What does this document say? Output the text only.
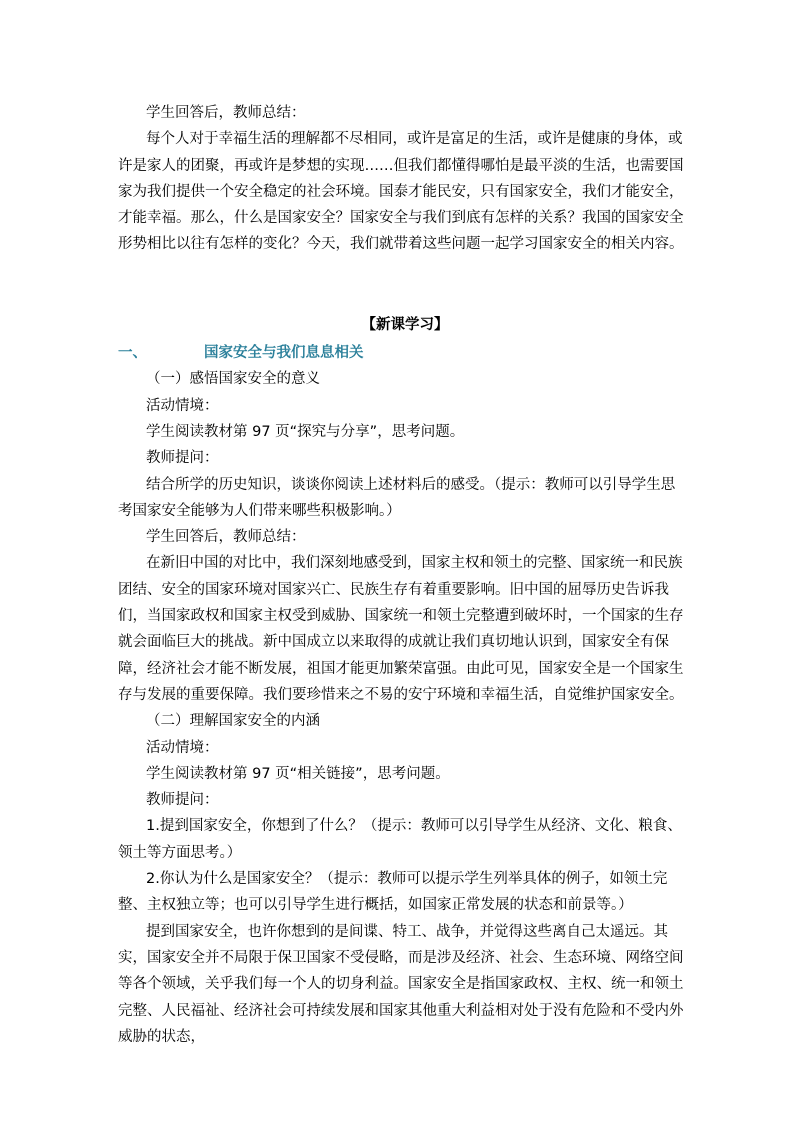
学生回答后，教师总结：

每个人对于幸福生活的理解都不尽相同，或许是富足的生活，或许是健康的身体，或许是家人的团聚，再或许是梦想的实现……但我们都懂得哪怕是最平淡的生活，也需要国家为我们提供一个安全稳定的社会环境。国泰才能民安，只有国家安全，我们才能安全，才能幸福。那么，什么是国家安全？国家安全与我们到底有怎样的关系？我国的国家安全形势相比以往有怎样的变化？今天，我们就带着这些问题一起学习国家安全的相关内容。

【新课学习】

一、	国家安全与我们息息相关

（一）感悟国家安全的意义

活动情境：

学生阅读教材第 97 页“探究与分享”，思考问题。

教师提问：

结合所学的历史知识，谈谈你阅读上述材料后的感受。（提示：教师可以引导学生思考国家安全能够为人们带来哪些积极影响。）

学生回答后，教师总结：

在新旧中国的对比中，我们深刻地感受到，国家主权和领土的完整、国家统一和民族团结、安全的国家环境对国家兴亡、民族生存有着重要影响。旧中国的屈辱历史告诉我们，当国家政权和国家主权受到威胁、国家统一和领土完整遭到破坏时，一个国家的生存就会面临巨大的挑战。新中国成立以来取得的成就让我们真切地认识到，国家安全有保障，经济社会才能不断发展，祖国才能更加繁荣富强。由此可见，国家安全是一个国家生存与发展的重要保障。我们要珍惜来之不易的安宁环境和幸福生活，自觉维护国家安全。

（二）理解国家安全的内涵

活动情境：

学生阅读教材第 97 页“相关链接”，思考问题。

教师提问：

1.提到国家安全，你想到了什么？（提示：教师可以引导学生从经济、文化、粮食、领土等方面思考。）

2.你认为什么是国家安全？（提示：教师可以提示学生列举具体的例子，如领土完整、主权独立等；也可以引导学生进行概括，如国家正常发展的状态和前景等。）

提到国家安全，也许你想到的是间谍、特工、战争，并觉得这些离自己太遥远。其实，国家安全并不局限于保卫国家不受侵略，而是涉及经济、社会、生态环境、网络空间等各个领域，关乎我们每一个人的切身利益。国家安全是指国家政权、主权、统一和领土完整、人民福祉、经济社会可持续发展和国家其他重大利益相对处于没有危险和不受内外威胁的状态，
